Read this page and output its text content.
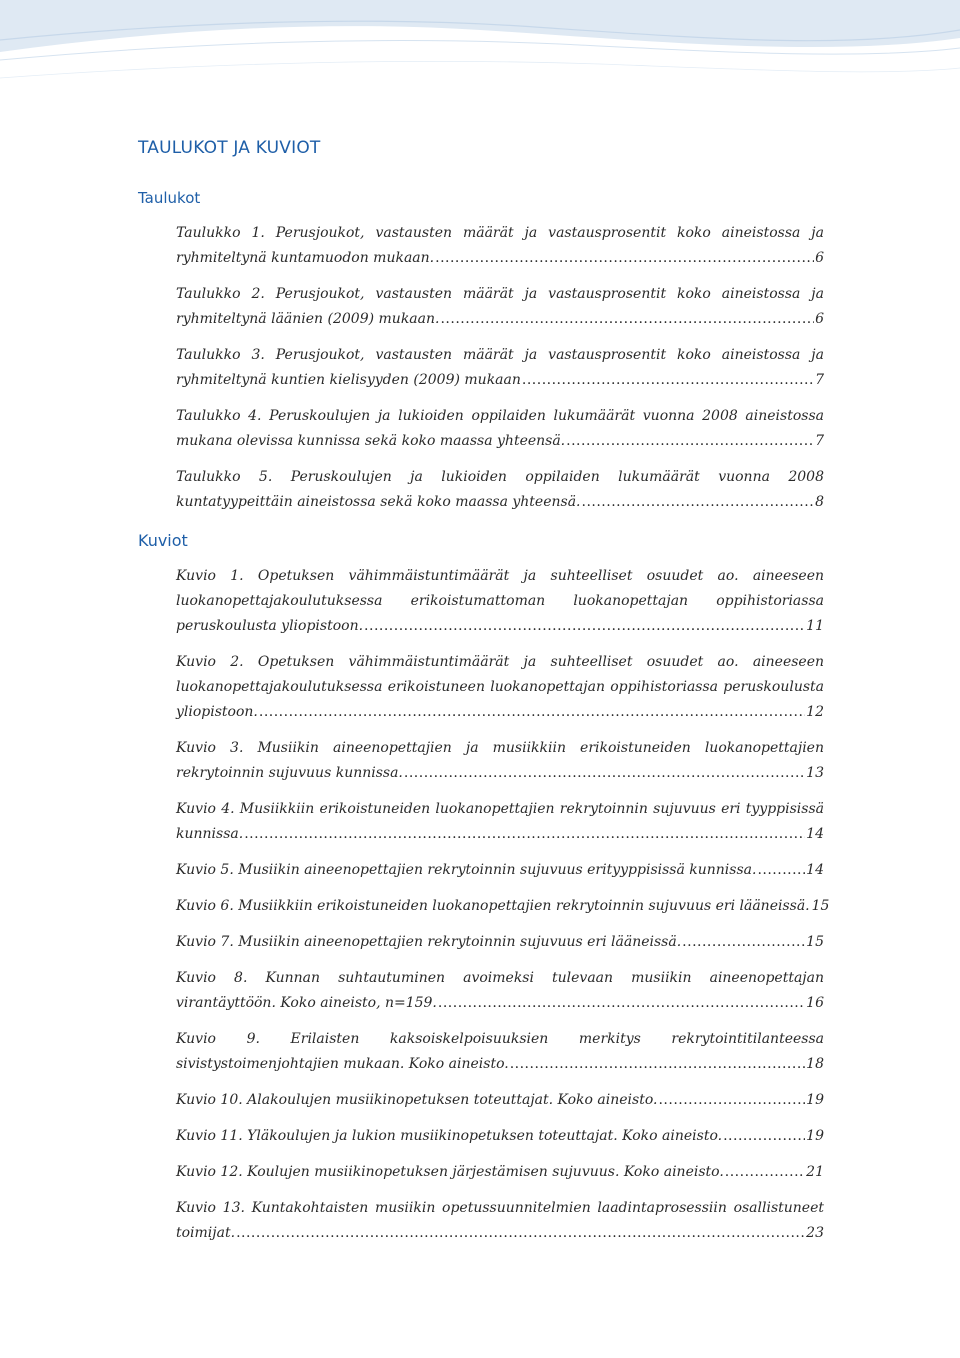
TAULUKOT JA KUVIOT
Taulukot
Taulukko 1. Perusjoukot, vastausten määrät ja vastausprosentit koko aineistossa ja
ryhmiteltynä kuntamuodon mukaan. .....	6
Taulukko 2. Perusjoukot, vastausten määrät ja vastausprosentit koko aineistossa ja
ryhmiteltynä läänien (2009) mukaan. .....	6
Taulukko 3. Perusjoukot, vastausten määrät ja vastausprosentit koko aineistossa ja
ryhmiteltynä kuntien kielisyyden (2009) mukaan .....	7
Taulukko 4. Peruskoulujen ja lukioiden oppilaiden lukumäärät vuonna 2008 aineistossa
mukana olevissa kunnissa sekä koko maassa yhteensä. .....	7
Taulukko 5. Peruskoulujen ja lukioiden oppilaiden lukumäärät vuonna 2008
kuntatyypeittäin aineistossa sekä koko maassa yhteensä. .....	8
Kuviot
Kuvio 1. Opetuksen vähimmäistuntimäärät ja suhteelliset osuudet ao. aineeseen
luokanopettajakoulutuksessa erikoistumattoman luokanopettajan oppihistoriassa
peruskoulusta yliopistoon. .....	11
Kuvio 2. Opetuksen vähimmäistuntimäärät ja suhteelliset osuudet ao. aineeseen
luokanopettajakoulutuksessa erikoistuneen luokanopettajan oppihistoriassa peruskoulusta
yliopistoon. .....	12
Kuvio 3. Musiikin aineenopettajien ja musiikkiin erikoistuneiden luokanopettajien
rekrytoinnin sujuvuus kunnissa. .....	13
Kuvio 4. Musiikkiin erikoistuneiden luokanopettajien rekrytoinnin sujuvuus eri tyyppisissä
kunnissa. .....	14
Kuvio 5. Musiikin aineenopettajien rekrytoinnin sujuvuus erityyppisissä kunnissa. .....	14
Kuvio 6. Musiikkiin erikoistuneiden luokanopettajien rekrytoinnin sujuvuus eri lääneissä. 15
Kuvio 7. Musiikin aineenopettajien rekrytoinnin sujuvuus eri lääneissä. .....	15
Kuvio 8. Kunnan suhtautuminen avoimeksi tulevaan musiikin aineenopettajan
virantäyttöön. Koko aineisto, n=159. .....	16
Kuvio 9. Erilaisten kaksoiskelpoisuuksien merkitys rekrytointitilanteessa
sivistystoimenjohtajien mukaan. Koko aineisto. .....	18
Kuvio 10. Alakoulujen musiikinopetuksen toteuttajat. Koko aineisto. .....	19
Kuvio 11. Yläkoulujen ja lukion musiikinopetuksen toteuttajat. Koko aineisto. .....	19
Kuvio 12. Koulujen musiikinopetuksen järjestämisen sujuvuus. Koko aineisto. .....	21
Kuvio 13. Kuntakohtaisten musiikin opetussuunnitelmien laadintaprosessiin osallistuneet
toimijat. .....	23
